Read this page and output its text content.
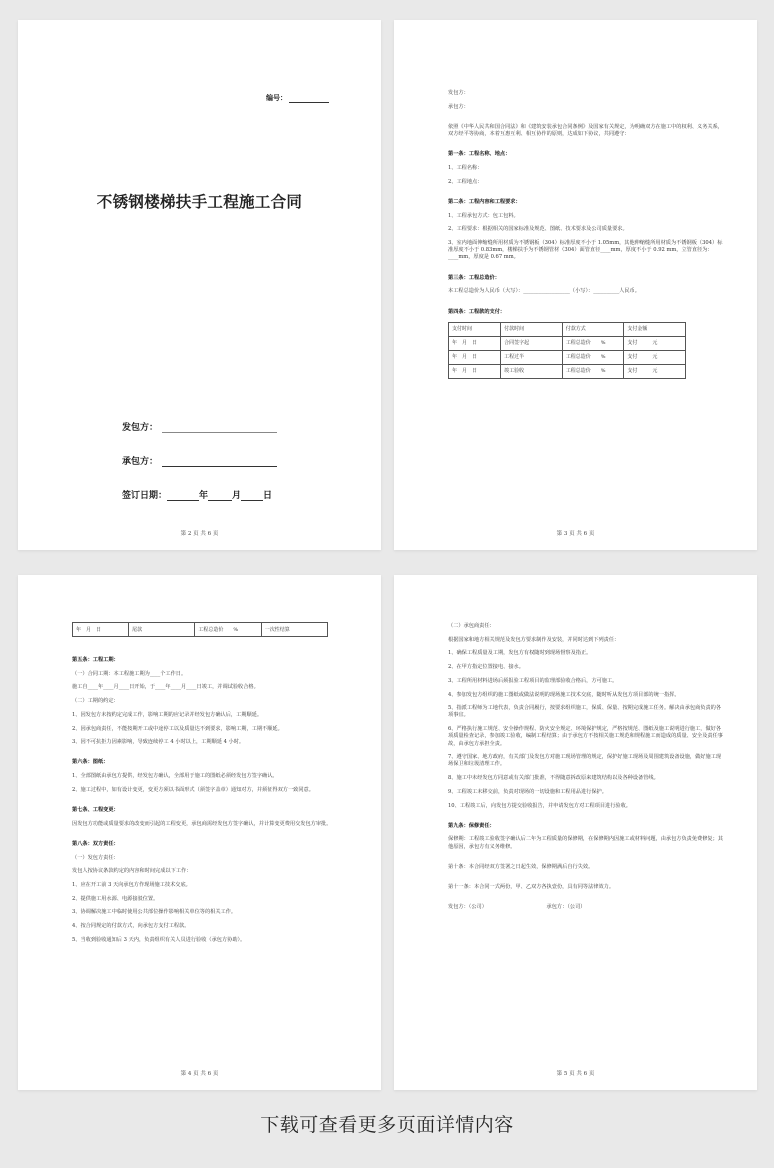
编号：
不锈钢楼梯扶手工程施工合同
发包方：
承包方：
签订日期：	年	月 日
第 2 页 共 6 页

发包方：

承包方：

依照《中华人民共和国合同法》和《建筑安装承包合同条例》及国家有关规定，为明确双方在施工中的权利、义务关系，双方经平等协商，本着互惠互利、相互协作的原则，达成如下协议，共同遵守：

第一条：工程名称、地点：

1、工程名称：

2、工程地点：

第二条：工程内容和工程要求：

1、工程承包方式：包工包料。

2、工程要求：根据相关的国家标准及规范、图纸、技术要求及公司质量要求。

3、室内地面伸缩缝所用材质为不锈钢板（304）标准厚度不小于 1.05mm，其他伸缩缝所用材质为不锈钢板（304）标准厚度不小于 0.83mm，楼梯扶手为不锈钢管材（304）面管直径____mm，厚度不小于 0.92 mm，立管直径为：____mm，厚度是 0.67 mm。

第三条：工程总造价：

本工程总造价为人民币（大写）：__________________（小写）：__________人民币。

第四条：工程款的支付：

支付时间	付款时间	付款方式	支付金额
年　月　日	合同签字起	工程总造价　　%	支付　　　元
年　月　日	工程过半	工程总造价　　%	支付　　　元
年　月　日	竣工验收	工程总造价　　%	支付　　　元
第 3 页 共 6 页
年　月　日	尾款	工程总造价　　%	一次性结算

第五条：工程工期：

（一）合同工期：本工程施工期为____个工作日。

施工自____年____月____日开始，于____年____月____日竣工，并调试验收合格。

（二）工期的约定：

1、因发包方未按约定完成工作，影响工期的应记录并经发包方确认后，工期顺延。

2、因承包商责任，不能按期开工或中途停工以及质量达不到要求，影响工期，工期不顺延。

3、因不可抗拒力因素影响，导致连续停工 4 小时以上，工期顺延 4 小时。

第六条：图纸：

1、全部图纸由承包方提供，经发包方确认，全部用于施工的图纸必须经发包方签字确认。

2、施工过程中，如有设计变更，变更方须以书面形式（须签字盖章）通知对方，并须征得双方一致同意。

第七条、工程变更：

因发包方功能或质量要求的改变而引起的工程变更，承包商需经发包方签字确认，并计算变更费用交发包方审批。

第八条：双方责任：

（一）发包方责任：

发包人按协议条款约定的内容和时间完成以下工作：

1、应在开工前 3 天向承包方作现场施工技术交底。

2、提供施工用水源、电源接驳位置。

3、协调解决施工中临时使用公共部位操作影响相关单位等的相关工作。

4、按合同规定的付款方式，向承包方支付工程款。

5、当收到验收通知后 3 天内，负责组织有关人员进行验收（承包方协助）。

第 4 页 共 6 页

（二）承包商责任：

根据国家和地方相关规范及发包方要求制作及安装，并同时达到下列责任：

1、确保工程质量及工期，发包方有权随时到现场督察及指正。

2、在甲方指定位置接电、接水。

3、工程所用材料进场后须报验工程项目的监理部验收合格后，方可施工。

4、参加发包方组织的施工图纸或做法说明的现场施工技术交底，随时听从发包方项目部的统一指挥。

5、指派工程师为工地代表，负责合同履行，按要求组织施工，保质、保量、按期完成施工任务。解决由承包商负责的各项事宜。

6、严格执行施工规范、安全操作规程、防火安全规定、环境保护规定，严格按规范、图纸及施工说明进行施工，做好各项质量检查记录，参加竣工验收，编制工程结算；由于承包方不按相关施工规范和规程施工而造成的质量、安全及责任事故，由承包方承担全责。

7、遵守国家、地方政府，有关部门及发包方对施工现场管理的规定，保护好施工现场及周围建筑设备设施，做好施工现场保卫和垃圾清理工作。

8、施工中未经发包方同意或有关部门批准，不得随意拆改原来建筑结构以及各种设备管线。

9、工程竣工未移交前，负责对现场的一切设施和工程用品进行保护。

10、工程竣工后，向发包方提交验收报告，并申请发包方对工程项目进行验收。

第九条：保修责任：

保修期：工程竣工验收签字确认后二年为工程质量的保修期，在保修期内因施工或材料问题，由承包方负责免费修复；其他原因，承包方有义务维修。

第十条：本合同经双方签署之日起生效，保修期满后自行失效。

第十一条：本合同一式两份，甲、乙双方各执壹份，具有同等法律效力。

发包方：（公司）　　　　　　　　　　　　承包方：（公司）

第 5 页 共 6 页
下载可查看更多页面详情内容
